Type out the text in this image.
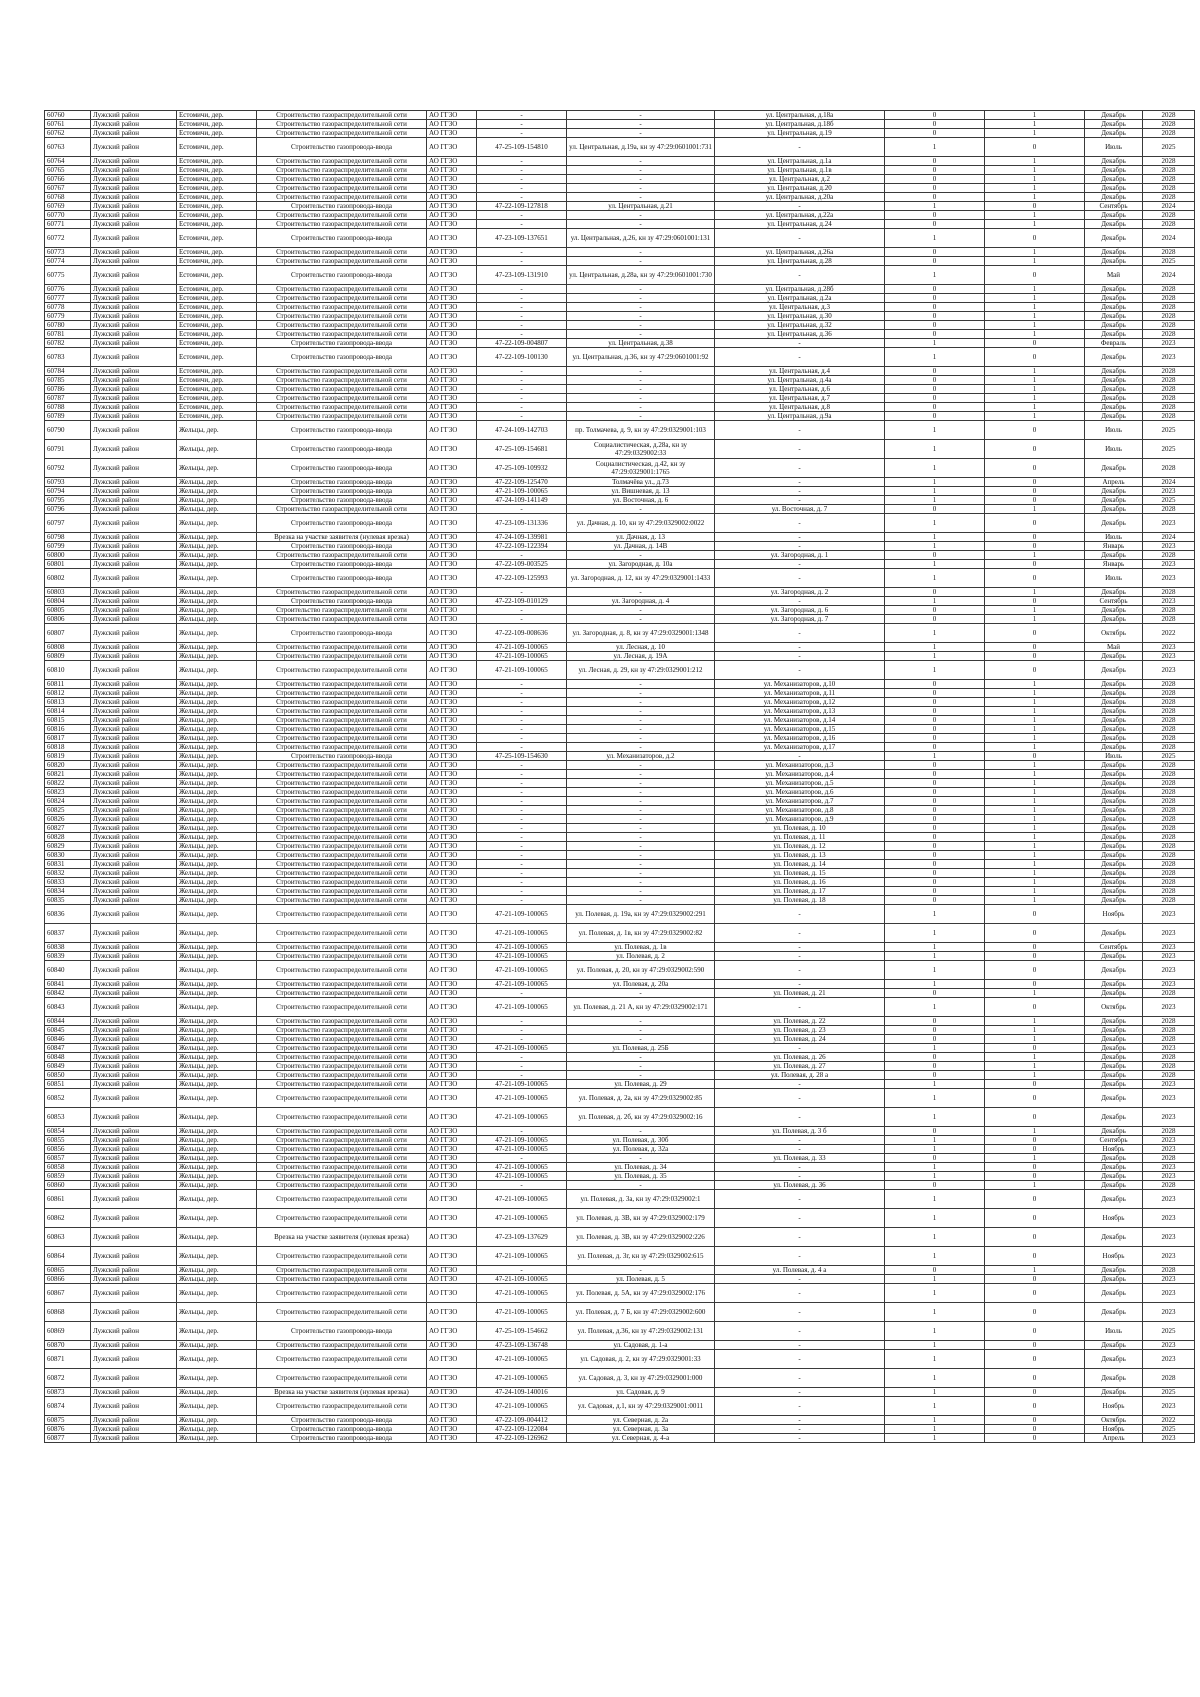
60760	Лужский район	Естомичи, дер.	Строительство газораспределительной сети	АО ГГЗО	-	-	ул. Центральная, д.18а	0	1	Декабрь	2028
60761	Лужский район	Естомичи, дер.	Строительство газораспределительной сети	АО ГГЗО	-	-	ул. Центральная, д.18б	0	1	Декабрь	2028
60762	Лужский район	Естомичи, дер.	Строительство газораспределительной сети	АО ГГЗО	-	-	ул. Центральная, д.19	0	1	Декабрь	2028
60763	Лужский район	Естомичи, дер.	Строительство газопровода-ввода	АО ГГЗО	47-25-109-154810	ул. Центральная, д.19а, кн зу 47:29:0601001:731	-	1	0	Июль	2025
60764	Лужский район	Естомичи, дер.	Строительство газораспределительной сети	АО ГГЗО	-	-	ул. Центральная, д.1а	0	1	Декабрь	2028
60765	Лужский район	Естомичи, дер.	Строительство газораспределительной сети	АО ГГЗО	-	-	ул. Центральная, д.1в	0	1	Декабрь	2028
60766	Лужский район	Естомичи, дер.	Строительство газораспределительной сети	АО ГГЗО	-	-	ул. Центральная, д.2	0	1	Декабрь	2028
60767	Лужский район	Естомичи, дер.	Строительство газораспределительной сети	АО ГГЗО	-	-	ул. Центральная, д.20	0	1	Декабрь	2028
60768	Лужский район	Естомичи, дер.	Строительство газораспределительной сети	АО ГГЗО	-	-	ул. Центральная, д.20а	0	1	Декабрь	2028
60769	Лужский район	Естомичи, дер.	Строительство газопровода-ввода	АО ГГЗО	47-22-109-127818	ул. Центральная, д.21	-	1	0	Сентябрь	2024
60770	Лужский район	Естомичи, дер.	Строительство газораспределительной сети	АО ГГЗО	-	-	ул. Центральная, д.22а	0	1	Декабрь	2028
60771	Лужский район	Естомичи, дер.	Строительство газораспределительной сети	АО ГГЗО	-	-	ул. Центральная, д.24	0	1	Декабрь	2028
60772	Лужский район	Естомичи, дер.	Строительство газопровода-ввода	АО ГГЗО	47-23-109-137651	ул. Центральная, д.26, кн зу 47:29:0601001:131	-	1	0	Декабрь	2024
60773	Лужский район	Естомичи, дер.	Строительство газораспределительной сети	АО ГГЗО	-	-	ул. Центральная, д.26а	0	1	Декабрь	2028
60774	Лужский район	Естомичи, дер.	Строительство газораспределительной сети	АО ГГЗО	-	-	ул. Центральная, д.28	0	1	Декабрь	2025
60775	Лужский район	Естомичи, дер.	Строительство газопровода-ввода	АО ГГЗО	47-23-109-131910	ул. Центральная, д.28а, кн зу 47:29:0601001:730	-	1	0	Май	2024
60776	Лужский район	Естомичи, дер.	Строительство газораспределительной сети	АО ГГЗО	-	-	ул. Центральная, д.28б	0	1	Декабрь	2028
60777	Лужский район	Естомичи, дер.	Строительство газораспределительной сети	АО ГГЗО	-	-	ул. Центральная, д.2а	0	1	Декабрь	2028
60778	Лужский район	Естомичи, дер.	Строительство газораспределительной сети	АО ГГЗО	-	-	ул. Центральная, д.3	0	1	Декабрь	2028
60779	Лужский район	Естомичи, дер.	Строительство газораспределительной сети	АО ГГЗО	-	-	ул. Центральная, д.30	0	1	Декабрь	2028
60780	Лужский район	Естомичи, дер.	Строительство газораспределительной сети	АО ГГЗО	-	-	ул. Центральная, д.32	0	1	Декабрь	2028
60781	Лужский район	Естомичи, дер.	Строительство газораспределительной сети	АО ГГЗО	-	-	ул. Центральная, д.36	0	1	Декабрь	2028
60782	Лужский район	Естомичи, дер.	Строительство газопровода-ввода	АО ГГЗО	47-22-109-004807	ул. Центральная, д.38	-	1	0	Февраль	2023
60783	Лужский район	Естомичи, дер.	Строительство газопровода-ввода	АО ГГЗО	47-22-109-100130	ул. Центральная, д.36, кн зу 47:29:0601001:92	-	1	0	Декабрь	2023
60784	Лужский район	Естомичи, дер.	Строительство газораспределительной сети	АО ГГЗО	-	-	ул. Центральная, д.4	0	1	Декабрь	2028
60785	Лужский район	Естомичи, дер.	Строительство газораспределительной сети	АО ГГЗО	-	-	ул. Центральная, д.4а	0	1	Декабрь	2028
60786	Лужский район	Естомичи, дер.	Строительство газораспределительной сети	АО ГГЗО	-	-	ул. Центральная, д.6	0	1	Декабрь	2028
60787	Лужский район	Естомичи, дер.	Строительство газораспределительной сети	АО ГГЗО	-	-	ул. Центральная, д.7	0	1	Декабрь	2028
60788	Лужский район	Естомичи, дер.	Строительство газораспределительной сети	АО ГГЗО	-	-	ул. Центральная, д.8	0	1	Декабрь	2028
60789	Лужский район	Естомичи, дер.	Строительство газораспределительной сети	АО ГГЗО	-	-	ул. Центральная, д.9а	0	1	Декабрь	2028
60790	Лужский район	Жельцы, дер.	Строительство газопровода-ввода	АО ГГЗО	47-24-109-142703	пр. Толмачева, д. 9, кн зу 47:29:0329001:103	-	1	0	Июль	2025
60791	Лужский район	Жельцы, дер.	Строительство газопровода-ввода	АО ГГЗО	47-25-109-154681	Социалистическая, д.28а, кн зу 47:29:0329002:33	-	1	0	Июль	2025
60792	Лужский район	Жельцы, дер.	Строительство газопровода-ввода	АО ГГЗО	47-25-109-109932	Социалистическая, д.42, кн зу 47:29:0329001:1765	-	1	0	Декабрь	2028
60793	Лужский район	Жельцы, дер.	Строительство газопровода-ввода	АО ГГЗО	47-22-109-125470	Толмачёва ул., д.73	-	1	0	Апрель	2024
60794	Лужский район	Жельцы, дер.	Строительство газопровода-ввода	АО ГГЗО	47-21-109-100065	ул. Вишневая, д. 13	-	1	0	Декабрь	2023
60795	Лужский район	Жельцы, дер.	Строительство газопровода-ввода	АО ГГЗО	47-24-109-141149	ул. Восточная, д. 6	-	1	0	Декабрь	2025
60796	Лужский район	Жельцы, дер.	Строительство газораспределительной сети	АО ГГЗО	-	-	ул. Восточная, д. 7	0	1	Декабрь	2028
60797	Лужский район	Жельцы, дер.	Строительство газопровода-ввода	АО ГГЗО	47-23-109-131336	ул. Дачная, д. 10, кн зу 47:29:0329002:0022	-	1	0	Декабрь	2023
60798	Лужский район	Жельцы, дер.	Врезка на участке заявителя (нулевая врезка)	АО ГГЗО	47-24-109-139981	ул. Дачная, д. 13	-	1	0	Июль	2024
60799	Лужский район	Жельцы, дер.	Строительство газопровода-ввода	АО ГГЗО	47-22-109-122394	ул. Дачная, д. 14В	-	1	0	Январь	2023
60800	Лужский район	Жельцы, дер.	Строительство газораспределительной сети	АО ГГЗО	-	-	ул. Загородная, д. 1	0	1	Декабрь	2028
60801	Лужский район	Жельцы, дер.	Строительство газопровода-ввода	АО ГГЗО	47-22-109-003525	ул. Загородная, д. 10а	-	1	0	Январь	2023
60802	Лужский район	Жельцы, дер.	Строительство газопровода-ввода	АО ГГЗО	47-22-109-125993	ул. Загородная, д. 12, кн зу 47:29:0329001:1433	-	1	0	Июль	2023
60803	Лужский район	Жельцы, дер.	Строительство газораспределительной сети	АО ГГЗО	-	-	ул. Загородная, д. 2	0	1	Декабрь	2028
60804	Лужский район	Жельцы, дер.	Строительство газопровода-ввода	АО ГГЗО	47-22-109-010129	ул. Загородная, д. 4	-	1	0	Сентябрь	2023
60805	Лужский район	Жельцы, дер.	Строительство газораспределительной сети	АО ГГЗО	-	-	ул. Загородная, д. 6	0	1	Декабрь	2028
60806	Лужский район	Жельцы, дер.	Строительство газораспределительной сети	АО ГГЗО	-	-	ул. Загородная, д. 7	0	1	Декабрь	2028
60807	Лужский район	Жельцы, дер.	Строительство газопровода-ввода	АО ГГЗО	47-22-109-008636	ул. Загородная, д. 8, кн зу 47:29:0329001:1348	-	1	0	Октябрь	2022
60808	Лужский район	Жельцы, дер.	Строительство газораспределительной сети	АО ГГЗО	47-21-109-100065	ул. Лесная, д. 10	-	1	0	Май	2023
60809	Лужский район	Жельцы, дер.	Строительство газораспределительной сети	АО ГГЗО	47-21-109-100065	ул. Лесная, д. 19А	-	1	0	Декабрь	2023
60810	Лужский район	Жельцы, дер.	Строительство газораспределительной сети	АО ГГЗО	47-21-109-100065	ул. Лесная, д. 29, кн зу 47:29:0329001:212	-	1	0	Декабрь	2023
60811	Лужский район	Жельцы, дер.	Строительство газораспределительной сети	АО ГГЗО	-	-	ул. Механизаторов, д.10	0	1	Декабрь	2028
60812	Лужский район	Жельцы, дер.	Строительство газораспределительной сети	АО ГГЗО	-	-	ул. Механизаторов, д.11	0	1	Декабрь	2028
60813	Лужский район	Жельцы, дер.	Строительство газораспределительной сети	АО ГГЗО	-	-	ул. Механизаторов, д.12	0	1	Декабрь	2028
60814	Лужский район	Жельцы, дер.	Строительство газораспределительной сети	АО ГГЗО	-	-	ул. Механизаторов, д.13	0	1	Декабрь	2028
60815	Лужский район	Жельцы, дер.	Строительство газораспределительной сети	АО ГГЗО	-	-	ул. Механизаторов, д.14	0	1	Декабрь	2028
60816	Лужский район	Жельцы, дер.	Строительство газораспределительной сети	АО ГГЗО	-	-	ул. Механизаторов, д.15	0	1	Декабрь	2028
60817	Лужский район	Жельцы, дер.	Строительство газораспределительной сети	АО ГГЗО	-	-	ул. Механизаторов, д.16	0	1	Декабрь	2028
60818	Лужский район	Жельцы, дер.	Строительство газораспределительной сети	АО ГГЗО	-	-	ул. Механизаторов, д.17	0	1	Декабрь	2028
60819	Лужский район	Жельцы, дер.	Строительство газопровода-ввода	АО ГГЗО	47-25-109-154630	ул. Механизаторов, д.2	-	1	0	Июль	2025
60820	Лужский район	Жельцы, дер.	Строительство газораспределительной сети	АО ГГЗО	-	-	ул. Механизаторов, д.3	0	1	Декабрь	2028
60821	Лужский район	Жельцы, дер.	Строительство газораспределительной сети	АО ГГЗО	-	-	ул. Механизаторов, д.4	0	1	Декабрь	2028
60822	Лужский район	Жельцы, дер.	Строительство газораспределительной сети	АО ГГЗО	-	-	ул. Механизаторов, д.5	0	1	Декабрь	2028
60823	Лужский район	Жельцы, дер.	Строительство газораспределительной сети	АО ГГЗО	-	-	ул. Механизаторов, д.6	0	1	Декабрь	2028
60824	Лужский район	Жельцы, дер.	Строительство газораспределительной сети	АО ГГЗО	-	-	ул. Механизаторов, д.7	0	1	Декабрь	2028
60825	Лужский район	Жельцы, дер.	Строительство газораспределительной сети	АО ГГЗО	-	-	ул. Механизаторов, д.8	0	1	Декабрь	2028
60826	Лужский район	Жельцы, дер.	Строительство газораспределительной сети	АО ГГЗО	-	-	ул. Механизаторов, д.9	0	1	Декабрь	2028
60827	Лужский район	Жельцы, дер.	Строительство газораспределительной сети	АО ГГЗО	-	-	ул. Полевая, д. 10	0	1	Декабрь	2028
60828	Лужский район	Жельцы, дер.	Строительство газораспределительной сети	АО ГГЗО	-	-	ул. Полевая, д. 11	0	1	Декабрь	2028
60829	Лужский район	Жельцы, дер.	Строительство газораспределительной сети	АО ГГЗО	-	-	ул. Полевая, д. 12	0	1	Декабрь	2028
60830	Лужский район	Жельцы, дер.	Строительство газораспределительной сети	АО ГГЗО	-	-	ул. Полевая, д. 13	0	1	Декабрь	2028
60831	Лужский район	Жельцы, дер.	Строительство газораспределительной сети	АО ГГЗО	-	-	ул. Полевая, д. 14	0	1	Декабрь	2028
60832	Лужский район	Жельцы, дер.	Строительство газораспределительной сети	АО ГГЗО	-	-	ул. Полевая, д. 15	0	1	Декабрь	2028
60833	Лужский район	Жельцы, дер.	Строительство газораспределительной сети	АО ГГЗО	-	-	ул. Полевая, д. 16	0	1	Декабрь	2028
60834	Лужский район	Жельцы, дер.	Строительство газораспределительной сети	АО ГГЗО	-	-	ул. Полевая, д. 17	0	1	Декабрь	2028
60835	Лужский район	Жельцы, дер.	Строительство газораспределительной сети	АО ГГЗО	-	-	ул. Полевая, д. 18	0	1	Декабрь	2028
60836	Лужский район	Жельцы, дер.	Строительство газораспределительной сети	АО ГГЗО	47-21-109-100065	ул. Полевая, д. 19а, кн зу 47:29:0329002:291	-	1	0	Ноябрь	2023
60837	Лужский район	Жельцы, дер.	Строительство газораспределительной сети	АО ГГЗО	47-21-109-100065	ул. Полевая, д. 1в, кн зу 47:29:0329002:82	-	1	0	Декабрь	2023
60838	Лужский район	Жельцы, дер.	Строительство газораспределительной сети	АО ГГЗО	47-21-109-100065	ул. Полевая, д. 1в	-	1	0	Сентябрь	2023
60839	Лужский район	Жельцы, дер.	Строительство газораспределительной сети	АО ГГЗО	47-21-109-100065	ул. Полевая, д. 2	-	1	0	Декабрь	2023
60840	Лужский район	Жельцы, дер.	Строительство газораспределительной сети	АО ГГЗО	47-21-109-100065	ул. Полевая, д. 20, кн зу 47:29:0329002:590	-	1	0	Декабрь	2023
60841	Лужский район	Жельцы, дер.	Строительство газораспределительной сети	АО ГГЗО	47-21-109-100065	ул. Полевая, д. 20а	-	1	0	Декабрь	2023
60842	Лужский район	Жельцы, дер.	Строительство газораспределительной сети	АО ГГЗО	-	-	ул. Полевая, д. 21	0	1	Декабрь	2028
60843	Лужский район	Жельцы, дер.	Строительство газораспределительной сети	АО ГГЗО	47-21-109-100065	ул. Полевая, д. 21 А, кн зу 47:29:0329002:171	-	1	0	Октябрь	2023
60844	Лужский район	Жельцы, дер.	Строительство газораспределительной сети	АО ГГЗО	-	-	ул. Полевая, д. 22	0	1	Декабрь	2028
60845	Лужский район	Жельцы, дер.	Строительство газораспределительной сети	АО ГГЗО	-	-	ул. Полевая, д. 23	0	1	Декабрь	2028
60846	Лужский район	Жельцы, дер.	Строительство газораспределительной сети	АО ГГЗО	-	-	ул. Полевая, д. 24	0	1	Декабрь	2028
60847	Лужский район	Жельцы, дер.	Строительство газораспределительной сети	АО ГГЗО	47-21-109-100065	ул. Полевая, д. 25Б	-	1	0	Декабрь	2023
60848	Лужский район	Жельцы, дер.	Строительство газораспределительной сети	АО ГГЗО	-	-	ул. Полевая, д. 26	0	1	Декабрь	2028
60849	Лужский район	Жельцы, дер.	Строительство газораспределительной сети	АО ГГЗО	-	-	ул. Полевая, д. 27	0	1	Декабрь	2028
60850	Лужский район	Жельцы, дер.	Строительство газораспределительной сети	АО ГГЗО	-	-	ул. Полевая, д. 28 а	0	1	Декабрь	2028
60851	Лужский район	Жельцы, дер.	Строительство газораспределительной сети	АО ГГЗО	47-21-109-100065	ул. Полевая, д. 29	-	1	0	Декабрь	2023
60852	Лужский район	Жельцы, дер.	Строительство газораспределительной сети	АО ГГЗО	47-21-109-100065	ул. Полевая, д. 2а, кн зу 47:29:0329002:85	-	1	0	Декабрь	2023
60853	Лужский район	Жельцы, дер.	Строительство газораспределительной сети	АО ГГЗО	47-21-109-100065	ул. Полевая, д. 2б, кн зу 47:29:0329002:16	-	1	0	Декабрь	2023
60854	Лужский район	Жельцы, дер.	Строительство газораспределительной сети	АО ГГЗО	-	-	ул. Полевая, д. 3 б	0	1	Декабрь	2028
60855	Лужский район	Жельцы, дер.	Строительство газораспределительной сети	АО ГГЗО	47-21-109-100065	ул. Полевая, д. 30б	-	1	0	Сентябрь	2023
60856	Лужский район	Жельцы, дер.	Строительство газораспределительной сети	АО ГГЗО	47-21-109-100065	ул. Полевая, д. 32а	-	1	0	Ноябрь	2023
60857	Лужский район	Жельцы, дер.	Строительство газораспределительной сети	АО ГГЗО	-	-	ул. Полевая, д. 33	0	1	Декабрь	2028
60858	Лужский район	Жельцы, дер.	Строительство газораспределительной сети	АО ГГЗО	47-21-109-100065	ул. Полевая, д. 34	-	1	0	Декабрь	2023
60859	Лужский район	Жельцы, дер.	Строительство газораспределительной сети	АО ГГЗО	47-21-109-100065	ул. Полевая, д. 35	-	1	0	Декабрь	2023
60860	Лужский район	Жельцы, дер.	Строительство газораспределительной сети	АО ГГЗО	-	-	ул. Полевая, д. 36	0	1	Декабрь	2028
60861	Лужский район	Жельцы, дер.	Строительство газораспределительной сети	АО ГГЗО	47-21-109-100065	ул. Полевая, д. 3а, кн зу 47:29:0329002:1	-	1	0	Декабрь	2023
60862	Лужский район	Жельцы, дер.	Строительство газораспределительной сети	АО ГГЗО	47-21-109-100065	ул. Полевая, д. 3В, кн зу 47:29:0329002:179	-	1	0	Ноябрь	2023
60863	Лужский район	Жельцы, дер.	Врезка на участке заявителя (нулевая врезка)	АО ГГЗО	47-23-109-137629	ул. Полевая, д. 3В, кн зу 47:29:0329002:226	-	1	0	Декабрь	2023
60864	Лужский район	Жельцы, дер.	Строительство газораспределительной сети	АО ГГЗО	47-21-109-100065	ул. Полевая, д. 3г, кн зу 47:29:0329002:615	-	1	0	Ноябрь	2023
60865	Лужский район	Жельцы, дер.	Строительство газораспределительной сети	АО ГГЗО	-	-	ул. Полевая, д. 4 а	0	1	Декабрь	2028
60866	Лужский район	Жельцы, дер.	Строительство газораспределительной сети	АО ГГЗО	47-21-109-100065	ул. Полевая, д. 5	-	1	0	Декабрь	2023
60867	Лужский район	Жельцы, дер.	Строительство газораспределительной сети	АО ГГЗО	47-21-109-100065	ул. Полевая, д. 5А, кн зу 47:29:0329002:176	-	1	0	Декабрь	2023
60868	Лужский район	Жельцы, дер.	Строительство газораспределительной сети	АО ГГЗО	47-21-109-100065	ул. Полевая, д. 7 Б, кн зу 47:29:0329002:600	-	1	0	Декабрь	2023
60869	Лужский район	Жельцы, дер.	Строительство газопровода-ввода	АО ГГЗО	47-25-109-154662	ул. Полевая, д.36, кн зу 47:29:0329002:131	-	1	0	Июль	2025
60870	Лужский район	Жельцы, дер.	Строительство газораспределительной сети	АО ГГЗО	47-23-109-136748	ул. Садовая, д. 1-а	-	1	0	Декабрь	2023
60871	Лужский район	Жельцы, дер.	Строительство газораспределительной сети	АО ГГЗО	47-21-109-100065	ул. Садовая, д. 2, кн зу 47:29:0329001:33	-	1	0	Декабрь	2023
60872	Лужский район	Жельцы, дер.	Строительство газораспределительной сети	АО ГГЗО	47-21-109-100065	ул. Садовая, д. 3, кн зу 47:29:0329001:000	-	1	0	Декабрь	2028
60873	Лужский район	Жельцы, дер.	Врезка на участке заявителя (нулевая врезка)	АО ГГЗО	47-24-109-140016	ул. Садовая, д. 9	-	1	0	Декабрь	2025
60874	Лужский район	Жельцы, дер.	Строительство газораспределительной сети	АО ГГЗО	47-21-109-100065	ул. Садовая, д.1, кн зу 47:29:0329001:0011	-	1	0	Ноябрь	2023
60875	Лужский район	Жельцы, дер.	Строительство газопровода-ввода	АО ГГЗО	47-22-109-004412	ул. Северная, д. 2а	-	1	0	Октябрь	2022
60876	Лужский район	Жельцы, дер.	Строительство газопровода-ввода	АО ГГЗО	47-22-109-122084	ул. Северная, д. 3а	-	1	0	Ноябрь	2025
60877	Лужский район	Жельцы, дер.	Строительство газопровода-ввода	АО ГГЗО	47-22-109-126962	ул. Северная, д. 4-а	-	1	0	Апрель	2023
